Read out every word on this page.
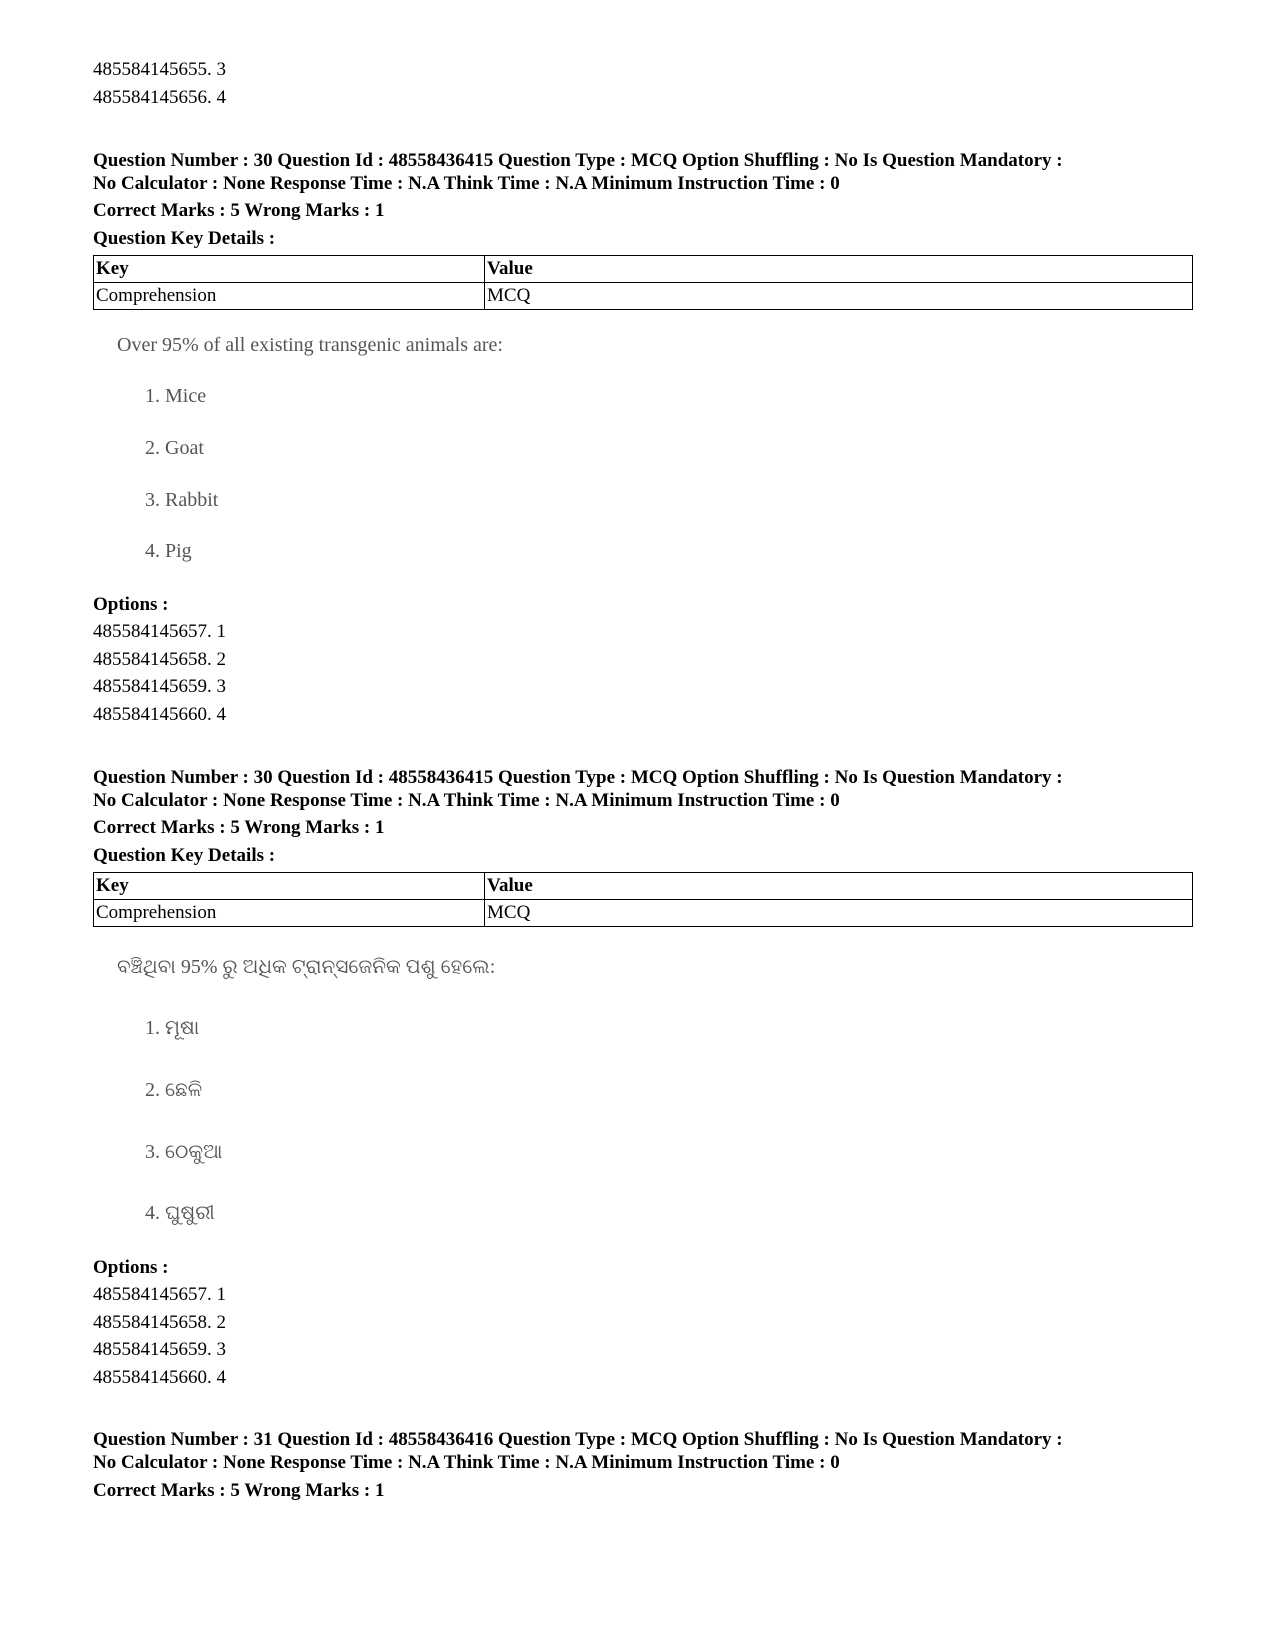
485584145655. 3
485584145656. 4
Question Number : 30 Question Id : 48558436415 Question Type : MCQ Option Shuffling : No Is Question Mandatory :
No Calculator : None Response Time : N.A Think Time : N.A Minimum Instruction Time : 0
Correct Marks : 5 Wrong Marks : 1
Question Key Details :
Key	Value
Comprehension	MCQ
Over 95% of all existing transgenic animals are:
1. Mice
2. Goat
3. Rabbit
4. Pig
Options :
485584145657. 1
485584145658. 2
485584145659. 3
485584145660. 4
Question Number : 30 Question Id : 48558436415 Question Type : MCQ Option Shuffling : No Is Question Mandatory :
No Calculator : None Response Time : N.A Think Time : N.A Minimum Instruction Time : 0
Correct Marks : 5 Wrong Marks : 1
Question Key Details :
Key	Value
Comprehension	MCQ
ବଞ୍ଚିଥିବା 95% ରୁ ଅଧିକ ଟ୍ରାନ୍ସଜେନିକ ପଶୁ ହେଲେ:
1. ମୂଷା
2. ଛେଳି
3. ଠେକୁଆ
4. ଘୁଷୁରୀ
Options :
485584145657. 1
485584145658. 2
485584145659. 3
485584145660. 4
Question Number : 31 Question Id : 48558436416 Question Type : MCQ Option Shuffling : No Is Question Mandatory :
No Calculator : None Response Time : N.A Think Time : N.A Minimum Instruction Time : 0
Correct Marks : 5 Wrong Marks : 1
